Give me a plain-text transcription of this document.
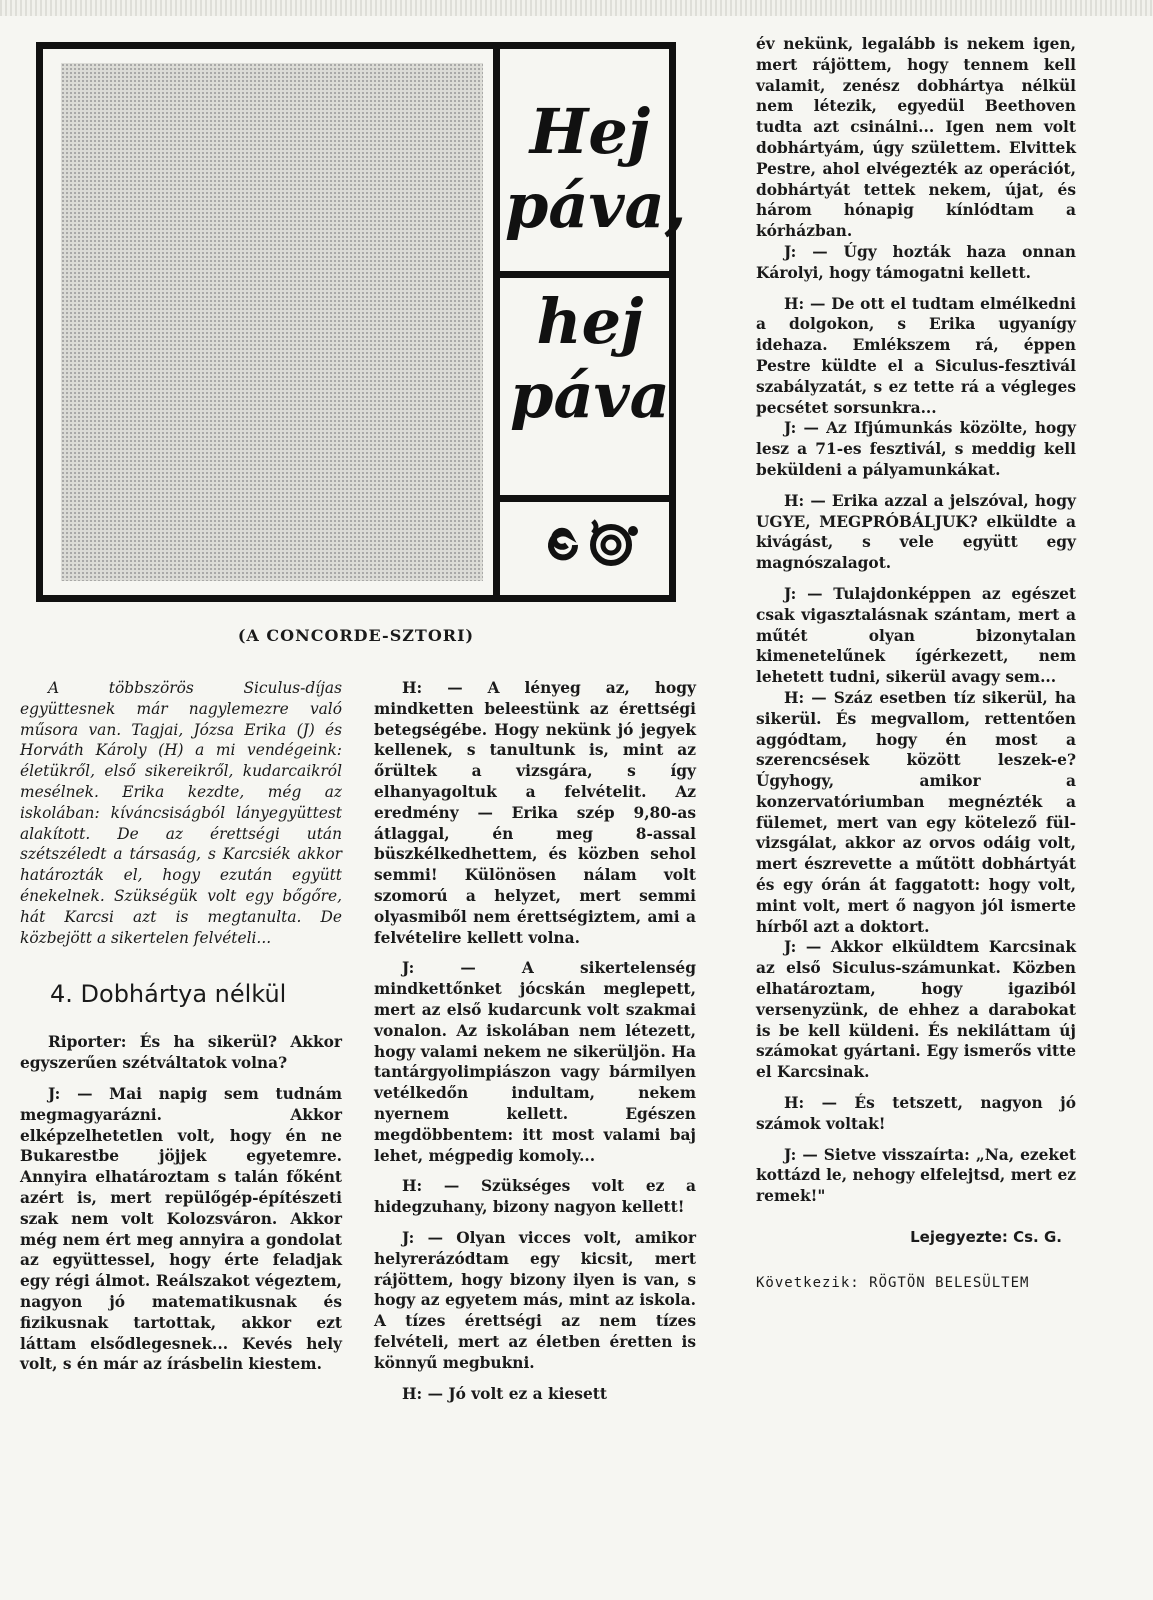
Hej páva,

hej páva

(A CONCORDE-SZTORI)

A többszörös Siculus-díjas együttesnek már nagylemezre való műsora van. Tagjai, Józsa Erika (J) és Horváth Károly (H) a mi vendégeink: életükről, első sikereikről, kudarcaikról mesélnek. Erika kezdte, még az iskolában: kíváncsiságból lányegyüttest alakított. De az érettségi után szétszéledt a társaság, s Karcsiék akkor határozták el, hogy ezután együtt énekelnek. Szükségük volt egy bőgőre, hát Karcsi azt is megtanulta. De közbejött a sikertelen felvételi...

4. Dobhártya nélkül

Riporter: És ha sikerül? Akkor egyszerűen szétváltatok volna?

J: — Mai napig sem tudnám megmagyarázni. Akkor elképzelhetetlen volt, hogy én ne Bukarestbe jöjjek egyetemre. Annyira elhatároztam s talán főként azért is, mert repülőgép-építészeti szak nem volt Kolozsváron. Akkor még nem ért meg annyira a gondolat az együttessel, hogy érte feladjak egy régi álmot. Reálszakot végeztem, nagyon jó matematikusnak és fizikusnak tartottak, akkor ezt láttam elsődlegesnek... Kevés hely volt, s én már az írásbelin kiestem.

H: — A lényeg az, hogy mindketten beleestünk az érettségi betegségébe. Hogy nekünk jó jegyek kellenek, s tanultunk is, mint az őrültek a vizsgára, s így elhanyagoltuk a felvételit. Az eredmény — Erika szép 9,80-as átlaggal, én meg 8-assal büszkélkedhettem, és közben sehol semmi! Különösen nálam volt szomorú a helyzet, mert semmi olyasmiből nem érettségiztem, ami a felvételire kellett volna.

J: — A sikertelenség mindkettőnket jócskán meglepett, mert az első kudarcunk volt szakmai vonalon. Az iskolában nem létezett, hogy valami nekem ne sikerüljön. Ha tantárgyolimpiászon vagy bármilyen vetélkedőn indultam, nekem nyernem kellett. Egészen megdöbbentem: itt most valami baj lehet, mégpedig komoly...

H: — Szükséges volt ez a hidegzuhany, bizony nagyon kellett!

J: — Olyan vicces volt, amikor helyrerázódtam egy kicsit, mert rájöttem, hogy bizony ilyen is van, s hogy az egyetem más, mint az iskola. A tízes érettségi az nem tízes felvételi, mert az életben éretten is könnyű megbukni.

H: — Jó volt ez a kiesett

év nekünk, legalább is nekem igen, mert rájöttem, hogy tennem kell valamit, zenész dobhártya nélkül nem létezik, egyedül Beethoven tudta azt csinálni... Igen nem volt dobhártyám, úgy születtem. Elvittek Pestre, ahol elvégezték az operációt, dobhártyát tettek nekem, újat, és három hónapig kínlódtam a kórházban.

J: — Úgy hozták haza onnan Károlyi, hogy támogatni kellett.

H: — De ott el tudtam elmélkedni a dolgokon, s Erika ugyanígy idehaza. Emlékszem rá, éppen Pestre küldte el a Siculus-fesztivál szabályzatát, s ez tette rá a végleges pecsétet sorsunkra...

J: — Az Ifjúmunkás közölte, hogy lesz a 71-es fesztivál, s meddig kell beküldeni a pályamunkákat.

H: — Erika azzal a jelszóval, hogy UGYE, MEGPRÓBÁLJUK? elküldte a kivágást, s vele együtt egy magnószalagot.

J: — Tulajdonképpen az egészet csak vigasztalásnak szántam, mert a műtét olyan bizonytalan kimenetelűnek ígérkezett, nem lehetett tudni, sikerül avagy sem...

H: — Száz esetben tíz sikerül, ha sikerül. És megvallom, rettentően aggódtam, hogy én most a szerencsések között leszek-e? Úgyhogy, amikor a konzervatóriumban megnézték a fülemet, mert van egy kötelező fül-vizsgálat, akkor az orvos odáig volt, mert észrevette a műtött dobhártyát és egy órán át faggatott: hogy volt, mint volt, mert ő nagyon jól ismerte hírből azt a doktort.

J: — Akkor elküldtem Karcsinak az első Siculus-számunkat. Közben elhatároztam, hogy igaziból versenyzünk, de ehhez a darabokat is be kell küldeni. És nekiláttam új számokat gyártani. Egy ismerős vitte el Karcsinak.

H: — És tetszett, nagyon jó számok voltak!

J: — Sietve visszaírta: „Na, ezeket kottázd le, nehogy elfelejtsd, mert ez remek!"

Lejegyezte: Cs. G.
Következik: RÖGTÖN BELESÜLTEM
